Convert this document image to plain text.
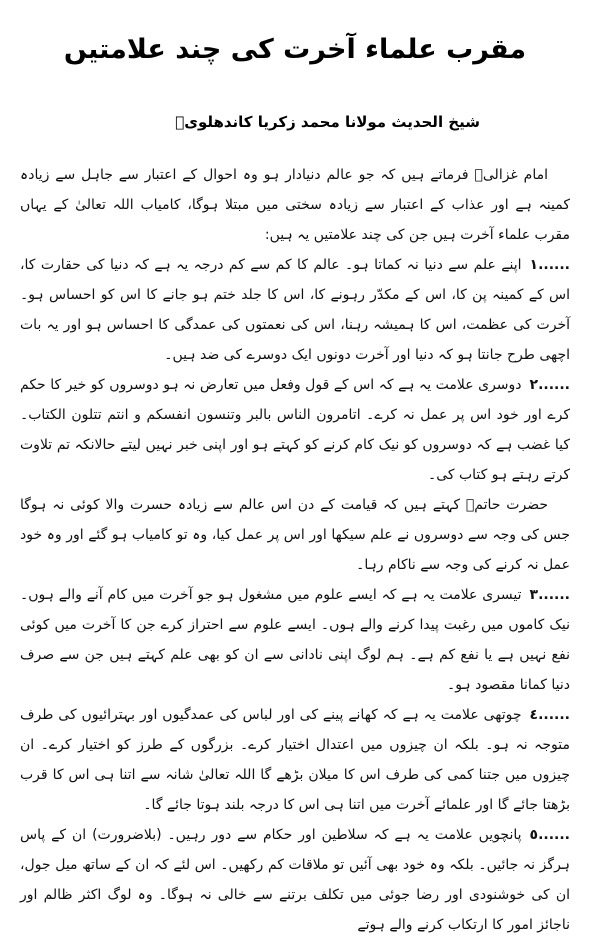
مقرب علماء آخرت کی چند علامتیں
شیخ الحدیث مولانا محمد زکریا کاندھلویؒ

امام غزالیؒ فرماتے ہیں کہ جو عالم دنیادار ہو وہ احوال کے اعتبار سے جاہل سے زیادہ کمینہ ہے اور عذاب کے اعتبار سے زیادہ سختی میں مبتلا ہوگا، کامیاب اللہ تعالیٰ کے یہاں مقرب علماء آخرت ہیں جن کی چند علامتیں یہ ہیں:

١......اپنے علم سے دنیا نہ کماتا ہو۔ عالم کا کم سے کم درجہ یہ ہے کہ دنیا کی حقارت کا، اس کے کمینہ پن کا، اس کے مکدّر رہونے کا، اس کا جلد ختم ہو جانے کا اس کو احساس ہو۔ آخرت کی عظمت، اس کا ہمیشہ رہنا، اس کی نعمتوں کی عمدگی کا احساس ہو اور یہ بات اچھی طرح جانتا ہو کہ دنیا اور آخرت دونوں ایک دوسرے کی ضد ہیں۔

٢......دوسری علامت یہ ہے کہ اس کے قول وفعل میں تعارض نہ ہو دوسروں کو خیر کا حکم کرے اور خود اس پر عمل نہ کرے۔ اتامرون الناس بالبر وتنسون انفسکم و انتم تتلون الکتاب۔ کیا غضب ہے کہ دوسروں کو نیک کام کرنے کو کہتے ہو اور اپنی خبر نہیں لیتے حالانکہ تم تلاوت کرتے رہتے ہو کتاب کی۔

حضرت حاتمؒ کہتے ہیں کہ قیامت کے دن اس عالم سے زیادہ حسرت والا کوئی نہ ہوگا جس کی وجہ سے دوسروں نے علم سیکھا اور اس پر عمل کیا، وہ تو کامیاب ہو گئے اور وہ خود عمل نہ کرنے کی وجہ سے ناکام رہا۔

٣......تیسری علامت یہ ہے کہ ایسے علوم میں مشغول ہو جو آخرت میں کام آنے والے ہوں۔ نیک کاموں میں رغبت پیدا کرنے والے ہوں۔ ایسے علوم سے احتراز کرے جن کا آخرت میں کوئی نفع نہیں ہے یا نفع کم ہے۔ ہم لوگ اپنی نادانی سے ان کو بھی علم کہتے ہیں جن سے صرف دنیا کمانا مقصود ہو۔

٤......چوتھی علامت یہ ہے کہ کھانے پینے کی اور لباس کی عمدگیوں اور بہترائیوں کی طرف متوجہ نہ ہو۔ بلکہ ان چیزوں میں اعتدال اختیار کرے۔ بزرگوں کے طرز کو اختیار کرے۔ ان چیزوں میں جتنا کمی کی طرف اس کا میلان بڑھے گا اللہ تعالیٰ شانہ سے اتنا ہی اس کا قرب بڑھتا جائے گا اور علمائے آخرت میں اتنا ہی اس کا درجہ بلند ہوتا جائے گا۔

٥......پانچویں علامت یہ ہے کہ سلاطین اور حکام سے دور رہیں۔ (بلاضرورت) ان کے پاس ہرگز نہ جائیں۔ بلکہ وہ خود بھی آئیں تو ملاقات کم رکھیں۔ اس لئے کہ ان کے ساتھ میل جول، ان کی خوشنودی اور رضا جوئی میں تکلف برتنے سے خالی نہ ہوگا۔ وہ لوگ اکثر ظالم اور ناجائز امور کا ارتکاب کرنے والے ہوتے
